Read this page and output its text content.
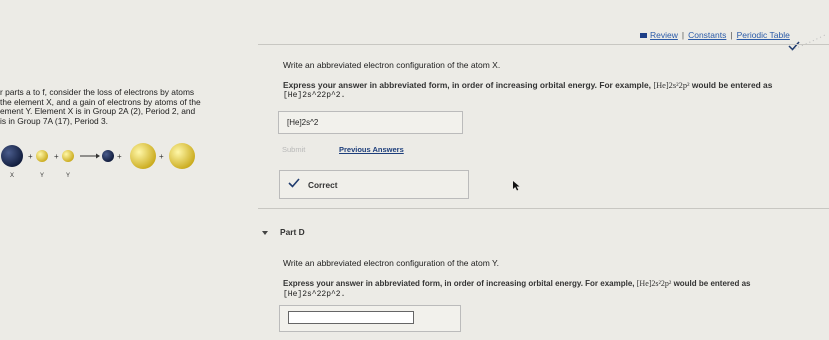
Review | Constants | Periodic Table
r parts a to f, consider the loss of electrons by atoms
the element X, and a gain of electrons by atoms of the
ement Y. Element X is in Group 2A (2), Period 2, and
is in Group 7A (17), Period 3.
+	+	+	+
X	Y	Y
Write an abbreviated electron configuration of the atom X.
Express your answer in abbreviated form, in order of increasing orbital energy. For example, [He]2s²2p² would be entered as
[He]2s^22p^2.
[He]2s^2
Submit	Previous Answers
Correct
Part D
Write an abbreviated electron configuration of the atom Y.
Express your answer in abbreviated form, in order of increasing orbital energy. For example, [He]2s²2p² would be entered as
[He]2s^22p^2.
